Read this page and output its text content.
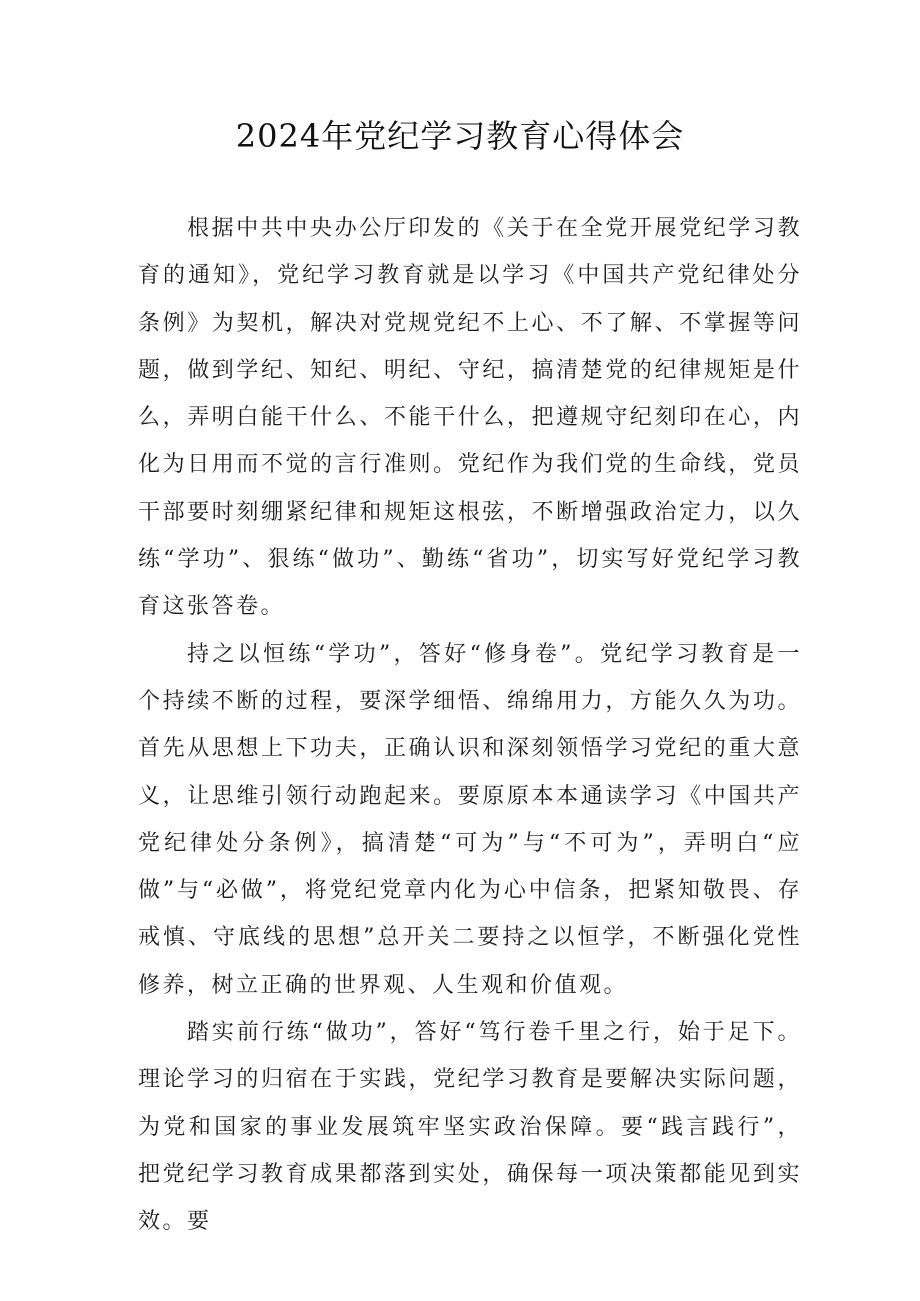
2024年党纪学习教育心得体会

根据中共中央办公厅印发的《关于在全党开展党纪学习教育的通知》，党纪学习教育就是以学习《中国共产党纪律处分条例》为契机，解决对党规党纪不上心、不了解、不掌握等问题，做到学纪、知纪、明纪、守纪，搞清楚党的纪律规矩是什么，弄明白能干什么、不能干什么，把遵规守纪刻印在心，内化为日用而不觉的言行准则。党纪作为我们党的生命线，党员干部要时刻绷紧纪律和规矩这根弦，不断增强政治定力，以久练“学功”、狠练“做功”、勤练“省功”，切实写好党纪学习教育这张答卷。

持之以恒练“学功”，答好“修身卷”。党纪学习教育是一个持续不断的过程，要深学细悟、绵绵用力，方能久久为功。首先从思想上下功夫，正确认识和深刻领悟学习党纪的重大意义，让思维引领行动跑起来。要原原本本通读学习《中国共产党纪律处分条例》，搞清楚“可为”与“不可为”，弄明白“应做”与“必做”，将党纪党章内化为心中信条，把紧知敬畏、存戒慎、守底线的思想”总开关二要持之以恒学，不断强化党性修养，树立正确的世界观、人生观和价值观。

踏实前行练“做功”，答好“笃行卷千里之行，始于足下。理论学习的归宿在于实践，党纪学习教育是要解决实际问题，为党和国家的事业发展筑牢坚实政治保障。要“践言践行”，把党纪学习教育成果都落到实处，确保每一项决策都能见到实效。要
